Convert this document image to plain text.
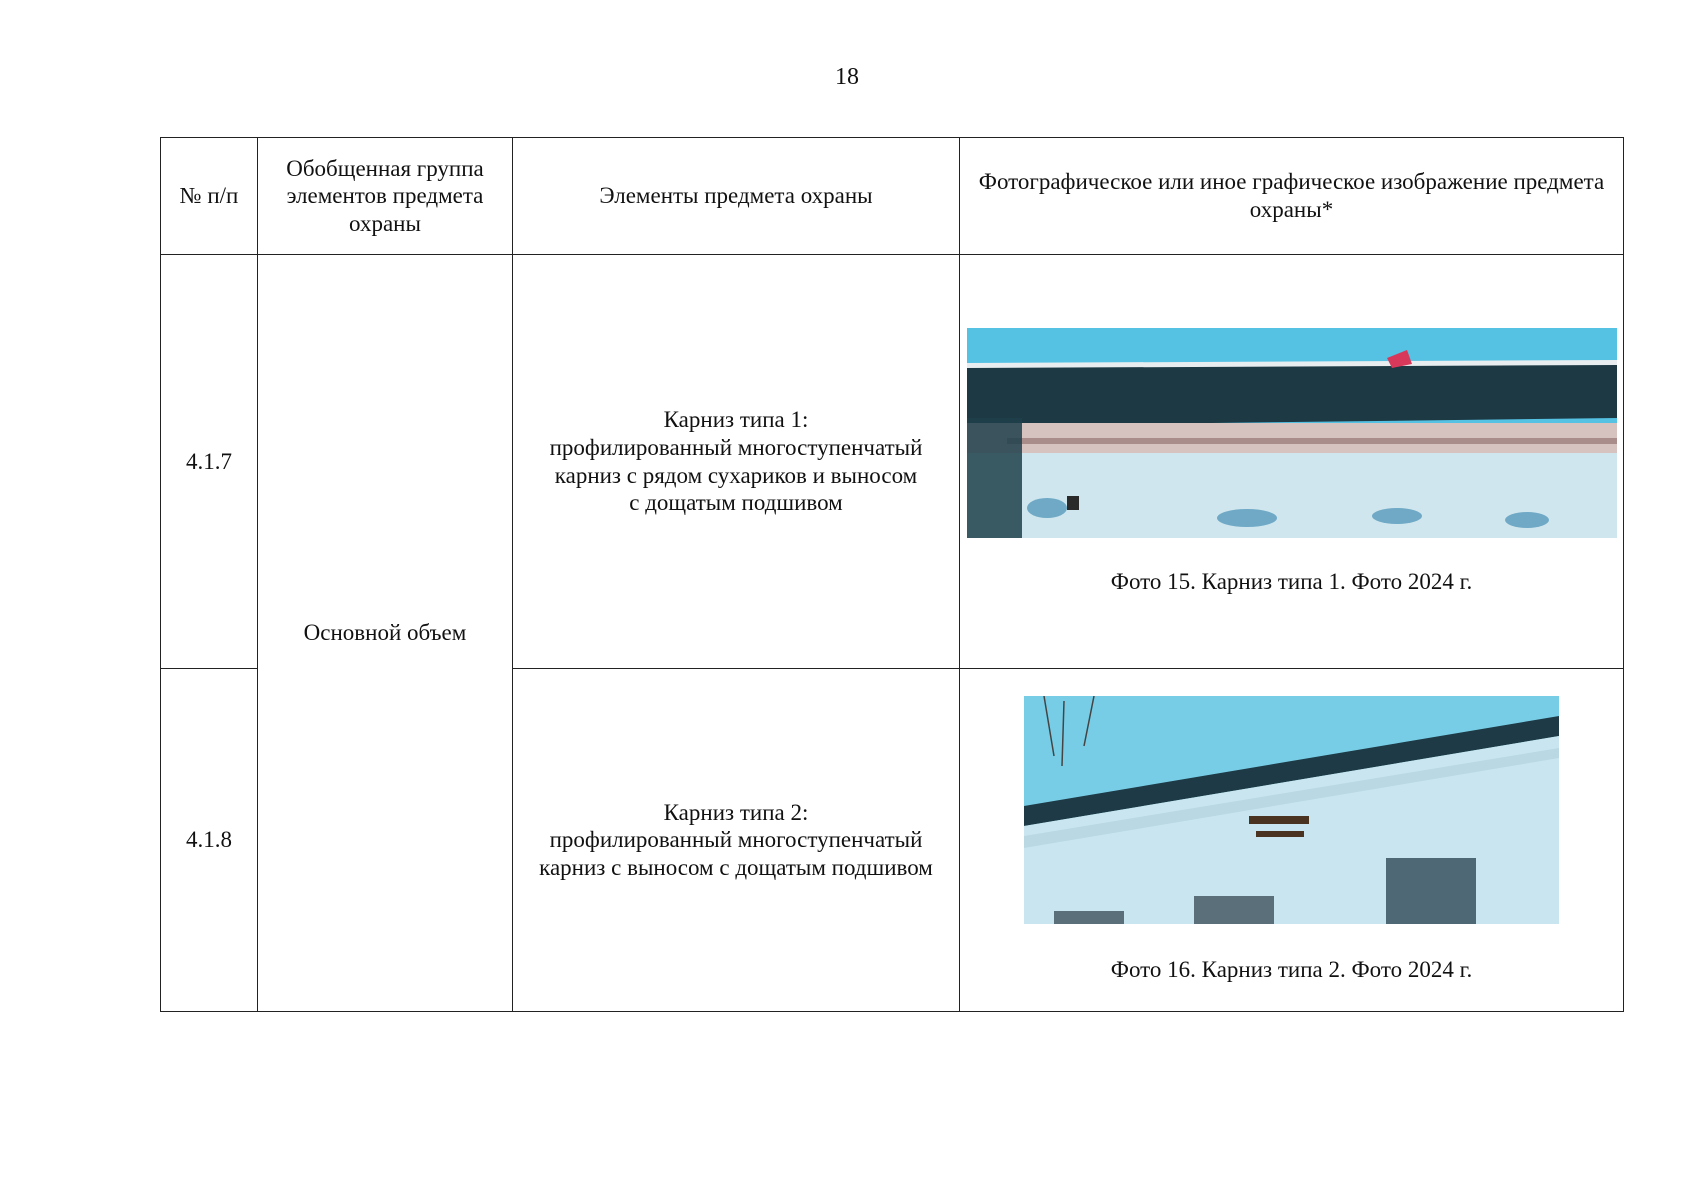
18
№ п/п	Обобщенная группа элементов предмета охраны	Элементы предмета охраны	Фотографическое или иное графическое изображение предмета охраны*
4.1.7	Основной объем	Карниз типа 1:
профилированный многоступенчатый
карниз с рядом сухариков и выносом
с дощатым подшивом	Фото 15. Карниз типа 1. Фото 2024 г.

4.1.8		Карниз типа 2:
профилированный многоступенчатый
карниз с выносом с дощатым подшивом	Фото 16. Карниз типа 2. Фото 2024 г.
